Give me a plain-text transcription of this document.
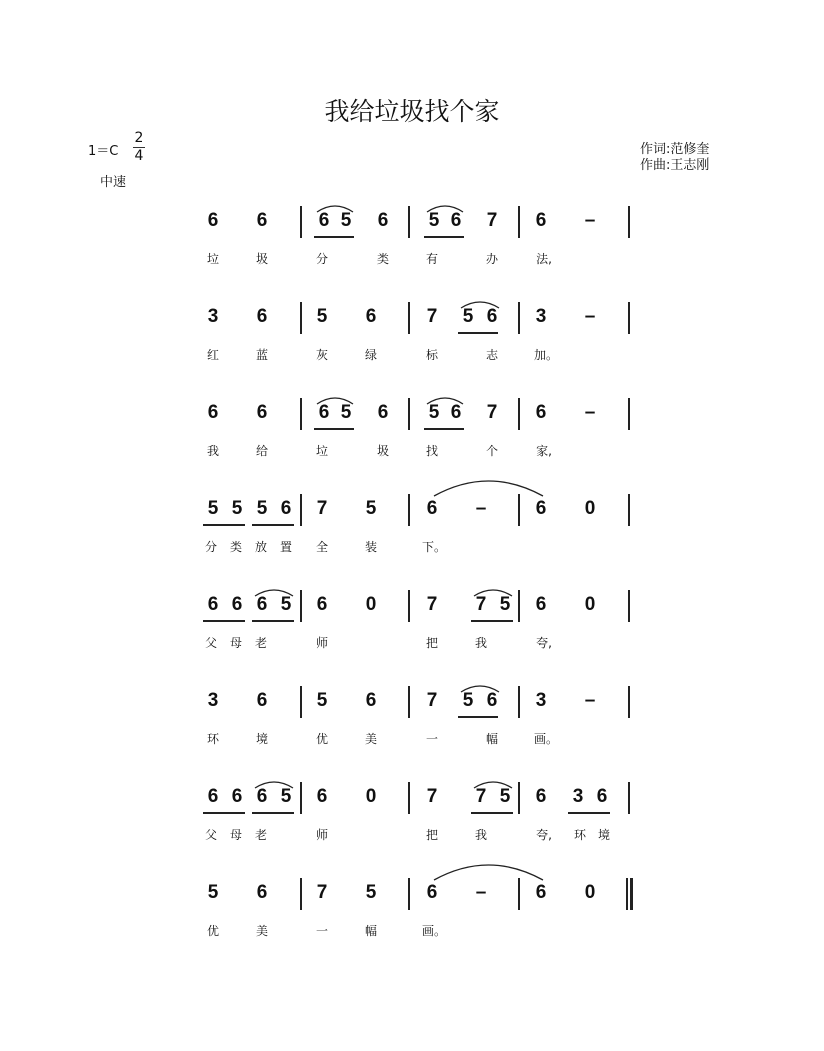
我给垃圾找个家
1＝C
2
4
中速
作词:范修奎
作曲:王志刚
6 6	6 5 6 5 6 7 6 –
垃	圾	分	类	有	办	法,
3 6	5 6	7 5 6 3 –
红	蓝	灰	绿	标	志	加。
6 6	6 5 6 5 6 7 6 –
我	给	垃	圾	找	个	家,
5 5 5 6 7 5	6 –	6 0
分	类	放	置	全	装	下。
6 6 6 5 6 0	7 7 5 6 0
父	母	老	师	把	我	夸,
3 6	5 6	7 5 6 3 –
环	境	优	美	一	幅	画。
6 6 6 5 6 0	7 7 5 6 3 6
父	母	老	师	把	我	夸,	环 境
5 6	7 5	6 –	6 0
优	美	一	幅	画。
